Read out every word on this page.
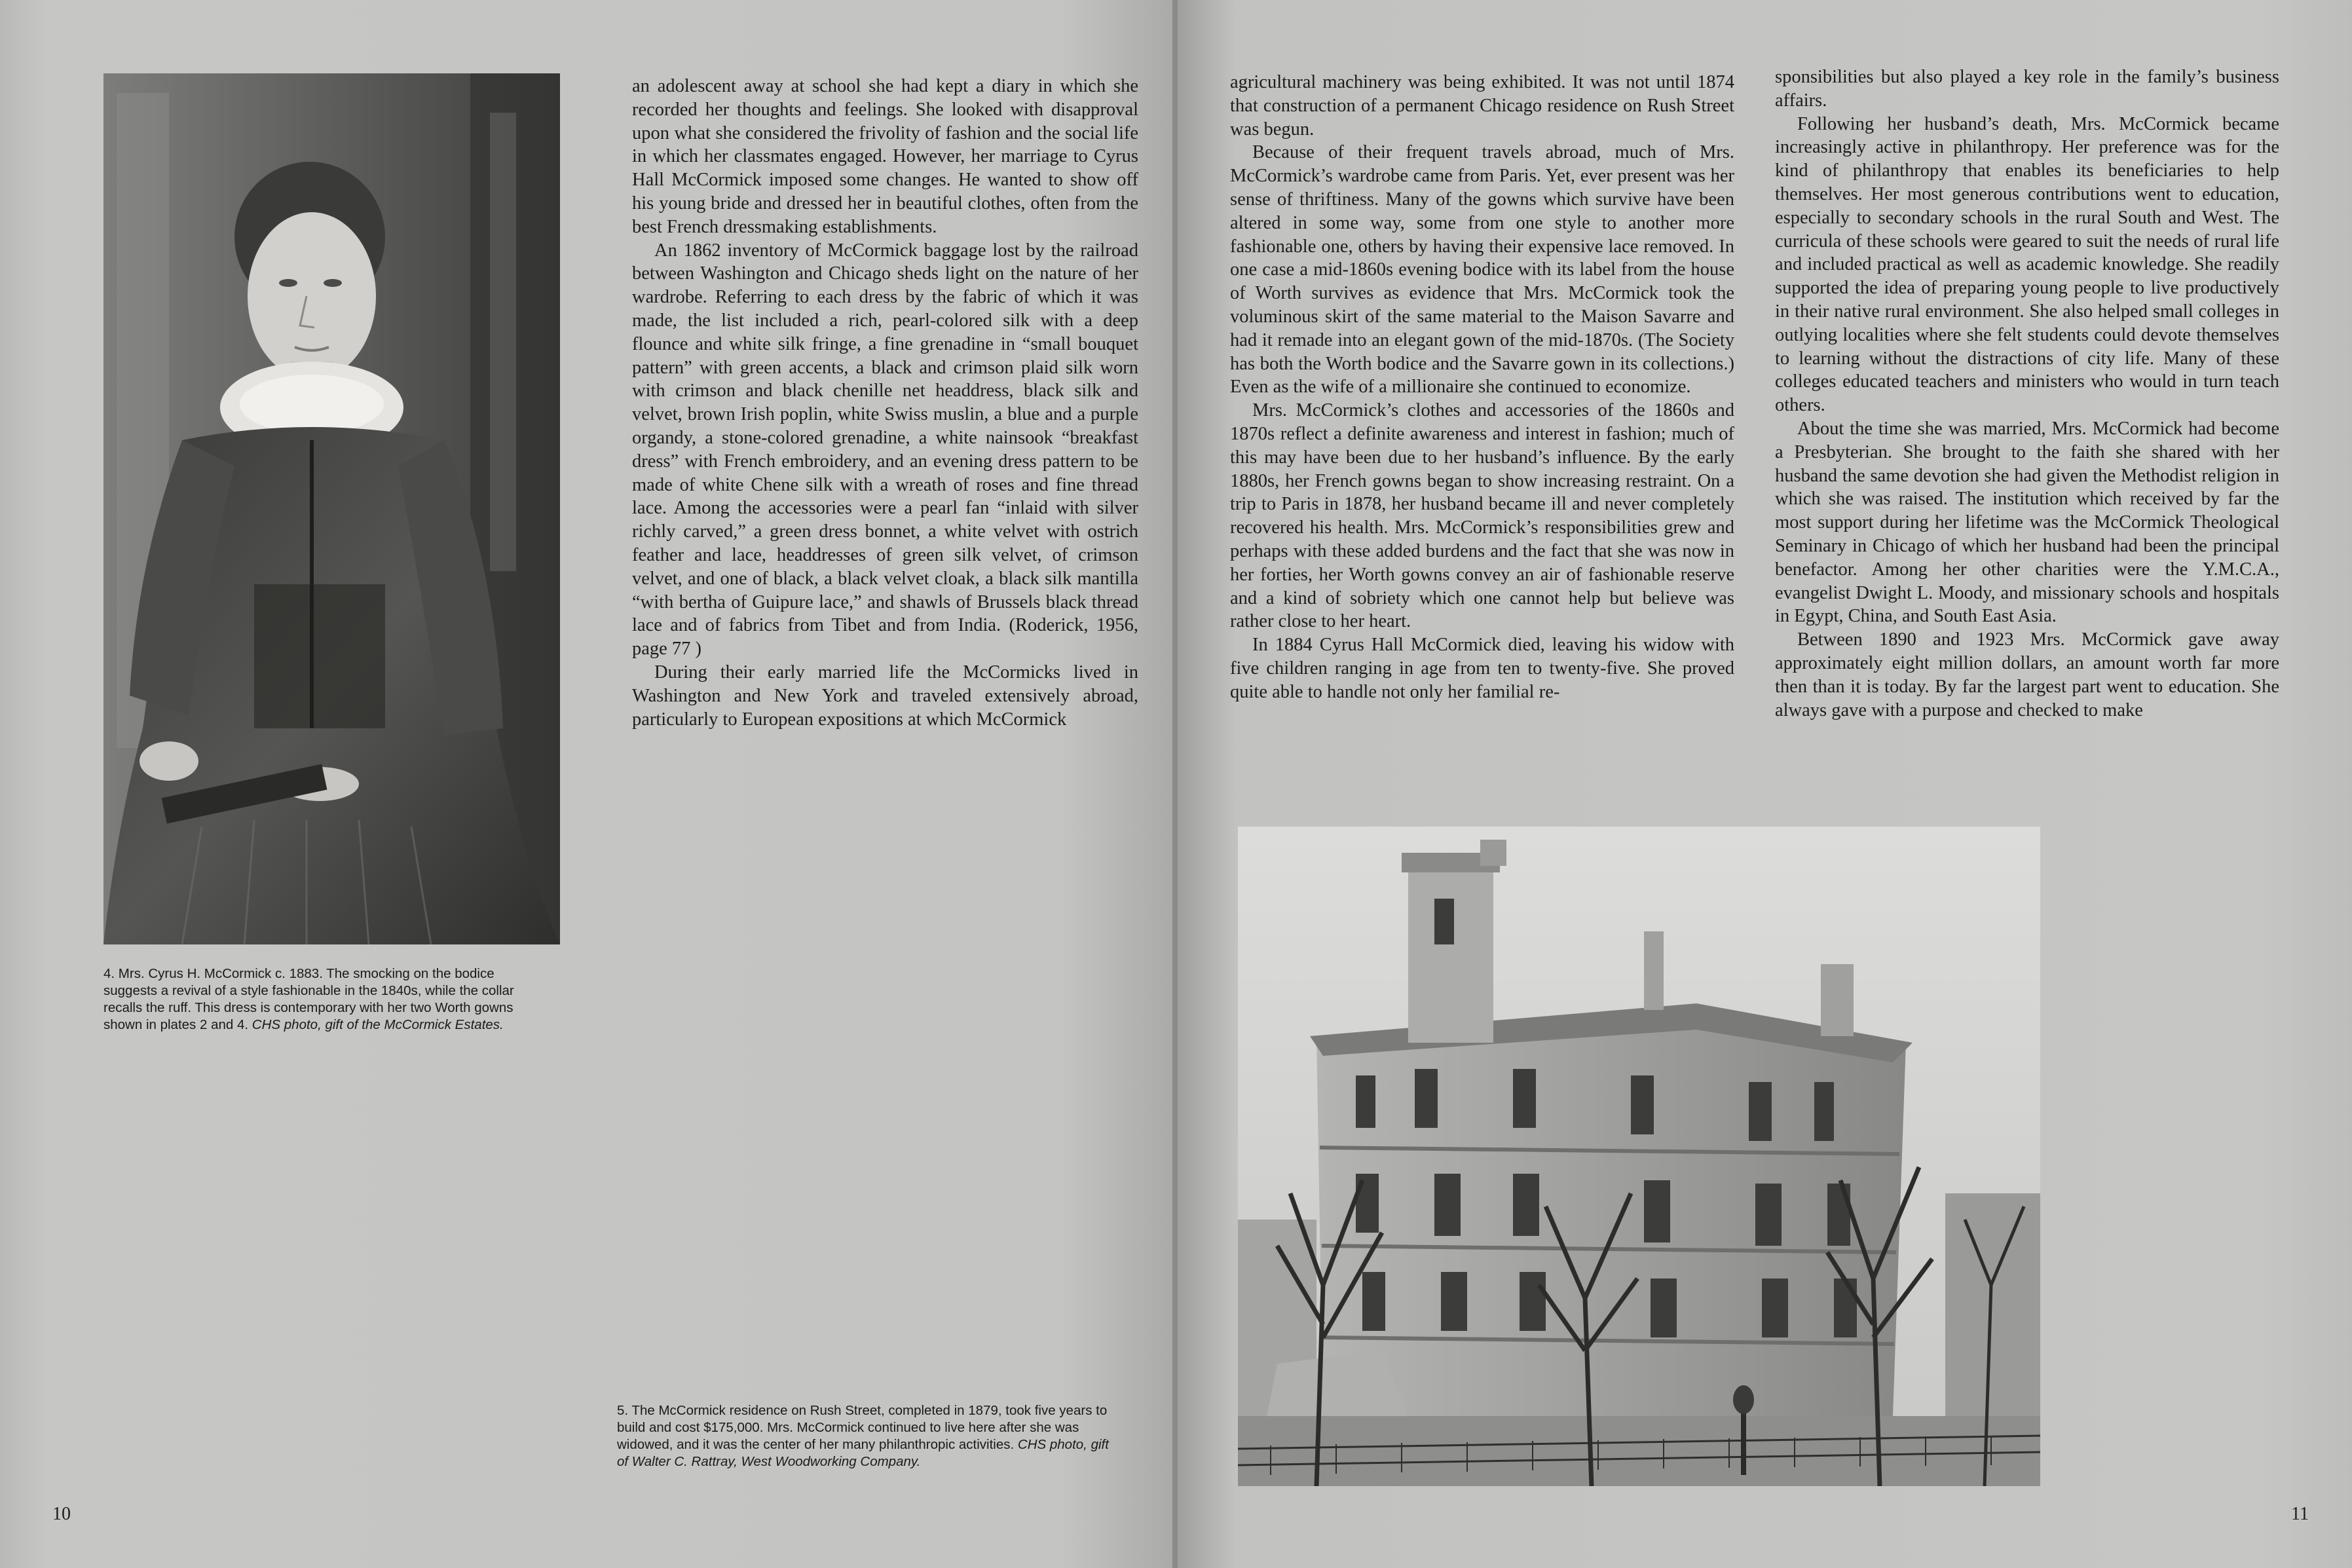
an adolescent away at school she had kept a diary in which she recorded her thoughts and feelings. She looked with disapproval upon what she considered the frivolity of fashion and the social life in which her classmates engaged. However, her marriage to Cyrus Hall McCormick imposed some changes. He wanted to show off his young bride and dressed her in beautiful clothes, often from the best French dressmaking establishments.

An 1862 inventory of McCormick baggage lost by the railroad between Washington and Chicago sheds light on the nature of her wardrobe. Referring to each dress by the fabric of which it was made, the list included a rich, pearl-colored silk with a deep flounce and white silk fringe, a fine grenadine in “small bouquet pattern” with green accents, a black and crimson plaid silk worn with crimson and black chenille net headdress, black silk and velvet, brown Irish poplin, white Swiss muslin, a blue and a purple organdy, a stone-colored grenadine, a white nainsook “breakfast dress” with French embroidery, and an evening dress pattern to be made of white Chene silk with a wreath of roses and fine thread lace. Among the accessories were a pearl fan “inlaid with silver richly carved,” a green dress bonnet, a white velvet with ostrich feather and lace, headdresses of green silk velvet, of crimson velvet, and one of black, a black velvet cloak, a black silk mantilla “with bertha of Guipure lace,” and shawls of Brussels black thread lace and of fabrics from Tibet and from India. (Roderick, 1956, page 77 )

During their early married life the McCormicks lived in Washington and New York and traveled extensively abroad, particularly to European expositions at which McCormick

4. Mrs. Cyrus H. McCormick c. 1883. The smocking on the bodice suggests a revival of a style fashionable in the 1840s, while the collar recalls the ruff. This dress is contemporary with her two Worth gowns shown in plates 2 and 4. CHS photo, gift of the McCormick Estates.

5. The McCormick residence on Rush Street, completed in 1879, took five years to build and cost $175,000. Mrs. McCormick continued to live here after she was widowed, and it was the center of her many philanthropic activities. CHS photo, gift of Walter C. Rattray, West Woodworking Company.

10

agricultural machinery was being exhibited. It was not until 1874 that construction of a permanent Chicago residence on Rush Street was begun.

Because of their frequent travels abroad, much of Mrs. McCormick’s wardrobe came from Paris. Yet, ever present was her sense of thriftiness. Many of the gowns which survive have been altered in some way, some from one style to another more fashionable one, others by having their expensive lace removed. In one case a mid-1860s evening bodice with its label from the house of Worth survives as evidence that Mrs. McCormick took the voluminous skirt of the same material to the Maison Savarre and had it remade into an elegant gown of the mid-1870s. (The Society has both the Worth bodice and the Savarre gown in its collections.) Even as the wife of a millionaire she continued to economize.

Mrs. McCormick’s clothes and accessories of the 1860s and 1870s reflect a definite awareness and interest in fashion; much of this may have been due to her husband’s influence. By the early 1880s, her French gowns began to show increasing restraint. On a trip to Paris in 1878, her husband became ill and never completely recovered his health. Mrs. McCormick’s responsibilities grew and perhaps with these added burdens and the fact that she was now in her forties, her Worth gowns convey an air of fashionable reserve and a kind of sobriety which one cannot help but believe was rather close to her heart.

In 1884 Cyrus Hall McCormick died, leaving his widow with five children ranging in age from ten to twenty-five. She proved quite able to handle not only her familial re-

sponsibilities but also played a key role in the family’s business affairs.

Following her husband’s death, Mrs. McCormick became increasingly active in philanthropy. Her preference was for the kind of philanthropy that enables its beneficiaries to help themselves. Her most generous contributions went to education, especially to secondary schools in the rural South and West. The curricula of these schools were geared to suit the needs of rural life and included practical as well as academic knowledge. She readily supported the idea of preparing young people to live productively in their native rural environment. She also helped small colleges in outlying localities where she felt students could devote themselves to learning without the distractions of city life. Many of these colleges educated teachers and ministers who would in turn teach others.

About the time she was married, Mrs. McCormick had become a Presbyterian. She brought to the faith she shared with her husband the same devotion she had given the Methodist religion in which she was raised. The institution which received by far the most support during her lifetime was the McCormick Theological Seminary in Chicago of which her husband had been the principal benefactor. Among her other charities were the Y.M.C.A., evangelist Dwight L. Moody, and missionary schools and hospitals in Egypt, China, and South East Asia.

Between 1890 and 1923 Mrs. McCormick gave away approximately eight million dollars, an amount worth far more then than it is today. By far the largest part went to education. She always gave with a purpose and checked to make

11
